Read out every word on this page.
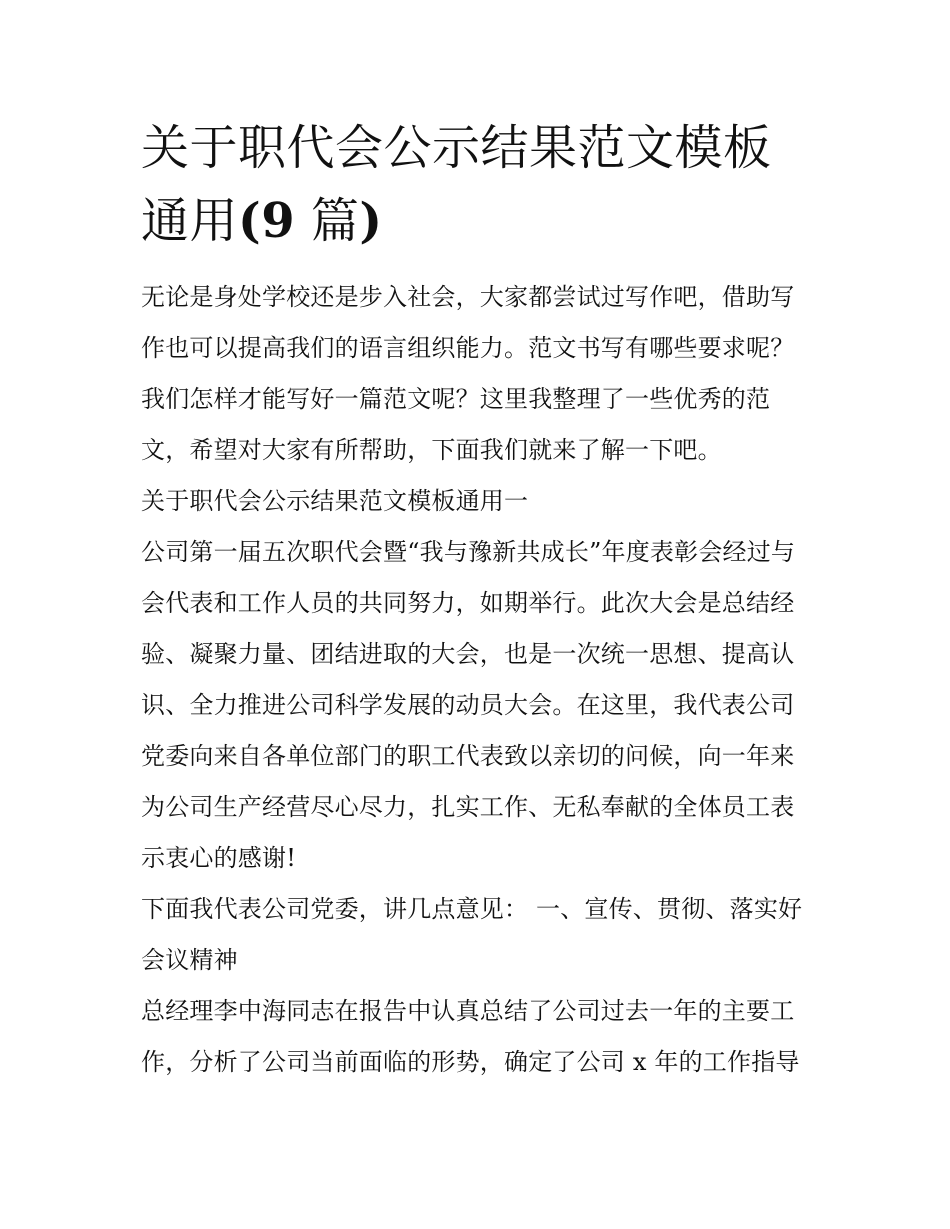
关于职代会公示结果范文模板
通用(9 篇)

无论是身处学校还是步入社会，大家都尝试过写作吧，借助写作也可以提高我们的语言组织能力。范文书写有哪些要求呢？我们怎样才能写好一篇范文呢？这里我整理了一些优秀的范文，希望对大家有所帮助，下面我们就来了解一下吧。

关于职代会公示结果范文模板通用一

公司第一届五次职代会暨“我与豫新共成长”年度表彰会经过与会代表和工作人员的共同努力，如期举行。此次大会是总结经验、凝聚力量、团结进取的大会，也是一次统一思想、提高认识、全力推进公司科学发展的动员大会。在这里，我代表公司党委向来自各单位部门的职工代表致以亲切的问候，向一年来为公司生产经营尽心尽力，扎实工作、无私奉献的全体员工表示衷心的感谢!

下面我代表公司党委，讲几点意见： 一、宣传、贯彻、落实好会议精神

总经理李中海同志在报告中认真总结了公司过去一年的主要工作，分析了公司当前面临的形势，确定了公司 x 年的工作指导
